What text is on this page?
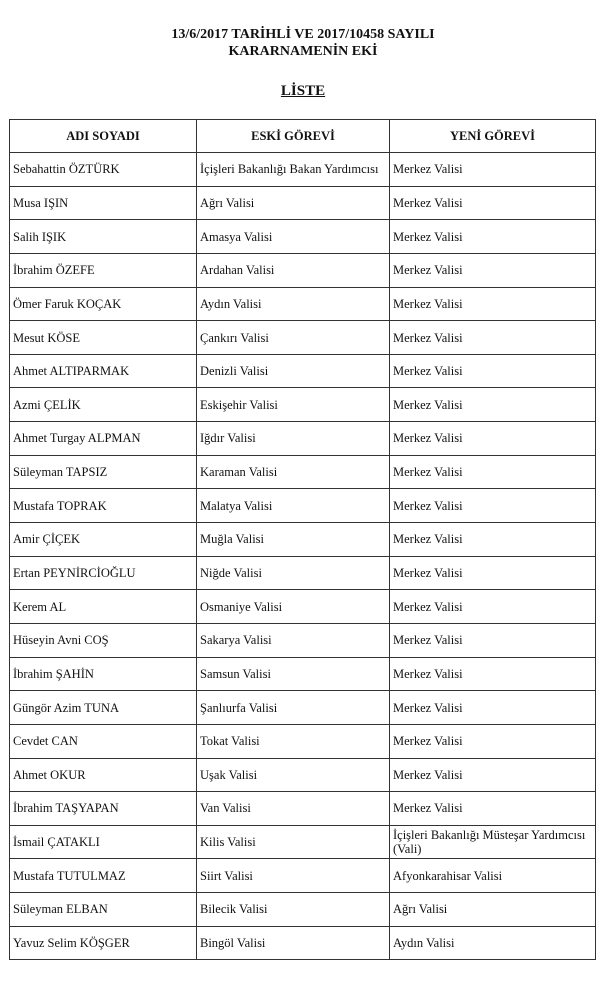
13/6/2017 TARİHLİ VE 2017/10458 SAYILI
KARARNAMENİN EKİ
LİSTE
ADI SOYADI	ESKİ GÖREVİ	YENİ GÖREVİ
Sebahattin ÖZTÜRK	İçişleri Bakanlığı Bakan Yardımcısı	Merkez Valisi
Musa IŞIN	Ağrı Valisi	Merkez Valisi
Salih IŞIK	Amasya Valisi	Merkez Valisi
İbrahim ÖZEFE	Ardahan Valisi	Merkez Valisi
Ömer Faruk KOÇAK	Aydın Valisi	Merkez Valisi
Mesut KÖSE	Çankırı Valisi	Merkez Valisi
Ahmet ALTIPARMAK	Denizli Valisi	Merkez Valisi
Azmi ÇELİK	Eskişehir Valisi	Merkez Valisi
Ahmet Turgay ALPMAN	Iğdır Valisi	Merkez Valisi
Süleyman TAPSIZ	Karaman Valisi	Merkez Valisi
Mustafa TOPRAK	Malatya Valisi	Merkez Valisi
Amir ÇİÇEK	Muğla Valisi	Merkez Valisi
Ertan PEYNİRCİOĞLU	Niğde Valisi	Merkez Valisi
Kerem AL	Osmaniye Valisi	Merkez Valisi
Hüseyin Avni COŞ	Sakarya Valisi	Merkez Valisi
İbrahim ŞAHİN	Samsun Valisi	Merkez Valisi
Güngör Azim TUNA	Şanlıurfa Valisi	Merkez Valisi
Cevdet CAN	Tokat Valisi	Merkez Valisi
Ahmet OKUR	Uşak Valisi	Merkez Valisi
İbrahim TAŞYAPAN	Van Valisi	Merkez Valisi
İsmail ÇATAKLI	Kilis Valisi	İçişleri Bakanlığı Müsteşar Yardımcısı (Vali)
Mustafa TUTULMAZ	Siirt Valisi	Afyonkarahisar Valisi
Süleyman ELBAN	Bilecik Valisi	Ağrı Valisi
Yavuz Selim KÖŞGER	Bingöl Valisi	Aydın Valisi
